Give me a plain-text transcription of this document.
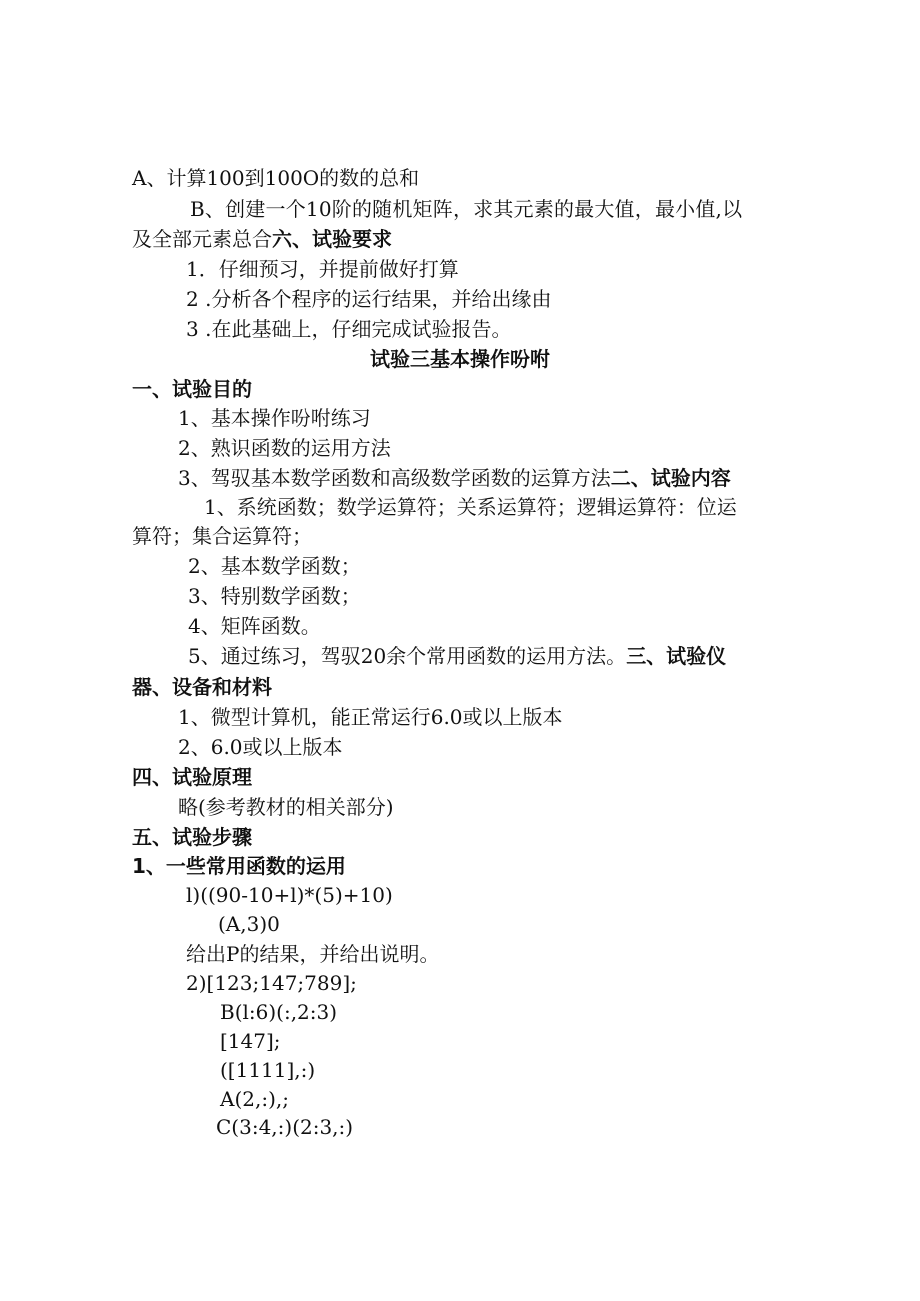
A、计算100到100O的数的总和
B、创建一个10阶的随机矩阵，求其元素的最大值，最小值,以
及全部元素总合六、试验要求
1．仔细预习，并提前做好打算
2 .分析各个程序的运行结果，并给出缘由
3 .在此基础上，仔细完成试验报告。
试验三基本操作吩咐
一、试验目的
1、基本操作吩咐练习
2、熟识函数的运用方法
3、驾驭基本数学函数和高级数学函数的运算方法二、试验内容
1、系统函数；数学运算符；关系运算符；逻辑运算符：位运
算符；集合运算符；
2、基本数学函数；
3、特别数学函数；
4、矩阵函数。
5、通过练习，驾驭20余个常用函数的运用方法。三、试验仪
器、设备和材料
1、微型计算机，能正常运行6.0或以上版本
2、6.0或以上版本
四、试验原理
略(参考教材的相关部分)
五、试验步骤
1、一些常用函数的运用
l)((90-10+l)*(5)+10)
(A,3)0
给出P的结果，并给出说明。
2)[123;147;789];
B(l:6)(:,2:3)
[147];
([1111],:)
A(2,:),;
C(3:4,:)(2:3,:)
